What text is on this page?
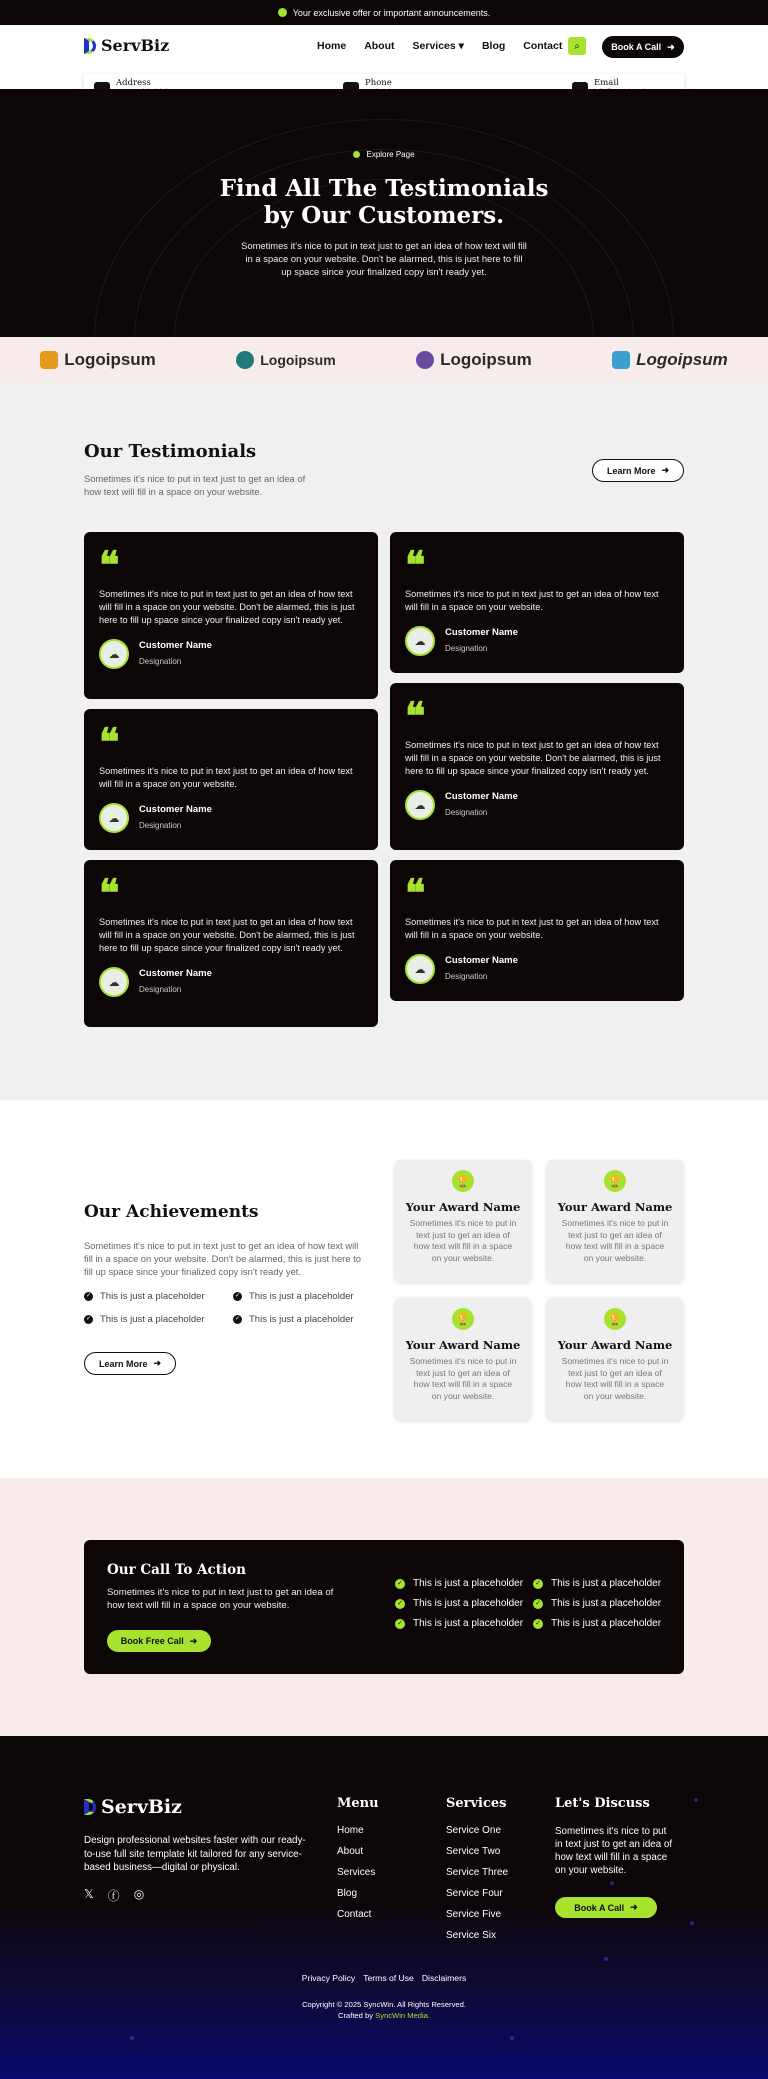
Your exclusive offer or important announcements.
ServBiz	Home About Services ▾ Blog Contact ⌕	Book A Call ➜
Address	Phone	Email
Explore Page
Find All The Testimonials by Our Customers.

Sometimes it's nice to put in text just to get an idea of how text will fill in a space on your website. Don't be alarmed, this is just here to fill up space since your finalized copy isn't ready yet.

Logoipsum	Logoipsum	Logoipsum	Logoipsum
Our Testimonials

Sometimes it's nice to put in text just to get an idea of how text will fill in a space on your website.

Learn More ➜
❝

Sometimes it's nice to put in text just to get an idea of how text will fill in a space on your website. Don't be alarmed, this is just here to fill up space since your finalized copy isn't ready yet.

☁
Customer Name
Designation
❝

Sometimes it's nice to put in text just to get an idea of how text will fill in a space on your website.

☁
Customer Name
Designation
❝

Sometimes it's nice to put in text just to get an idea of how text will fill in a space on your website. Don't be alarmed, this is just here to fill up space since your finalized copy isn't ready yet.

☁
Customer Name
Designation
❝

Sometimes it's nice to put in text just to get an idea of how text will fill in a space on your website.

☁
Customer Name
Designation
❝

Sometimes it's nice to put in text just to get an idea of how text will fill in a space on your website. Don't be alarmed, this is just here to fill up space since your finalized copy isn't ready yet.

☁
Customer Name
Designation
❝

Sometimes it's nice to put in text just to get an idea of how text will fill in a space on your website.

☁
Customer Name
Designation
Our Achievements

Sometimes it's nice to put in text just to get an idea of how text will fill in a space on your website. Don't be alarmed, this is just here to fill up space since your finalized copy isn't ready yet.

✓ This is just a placeholder	✓ This is just a placeholder
✓ This is just a placeholder	✓ This is just a placeholder
Learn More ➜
🏆
Your Award Name

Sometimes it's nice to put in text just to get an idea of how text will fill in a space on your website.

🏆
Your Award Name

Sometimes it's nice to put in text just to get an idea of how text will fill in a space on your website.

🏆
Your Award Name

Sometimes it's nice to put in text just to get an idea of how text will fill in a space on your website.

🏆
Your Award Name

Sometimes it's nice to put in text just to get an idea of how text will fill in a space on your website.

Our Call To Action

Sometimes it's nice to put in text just to get an idea of how text will fill in a space on your website.

Book Free Call ➜
✓ This is just a placeholder ✓ This is just a placeholder
✓ This is just a placeholder ✓ This is just a placeholder
✓ This is just a placeholder ✓ This is just a placeholder
ServBiz

Design professional websites faster with our ready-to-use full site template kit tailored for any service-based business—digital or physical.

𝕏 ⓕ ◎
Menu
Home
About
Services
Blog
Contact
Services
Service One
Service Two
Service Three
Service Four
Service Five
Service Six
Let's Discuss

Sometimes it's nice to put in text just to get an idea of how text will fill in a space on your website.

Book A Call ➜
Privacy Policy Terms of Use Disclaimers
Copyright © 2025 SyncWin. All Rights Reserved.
Crafted by SyncWin Media.
